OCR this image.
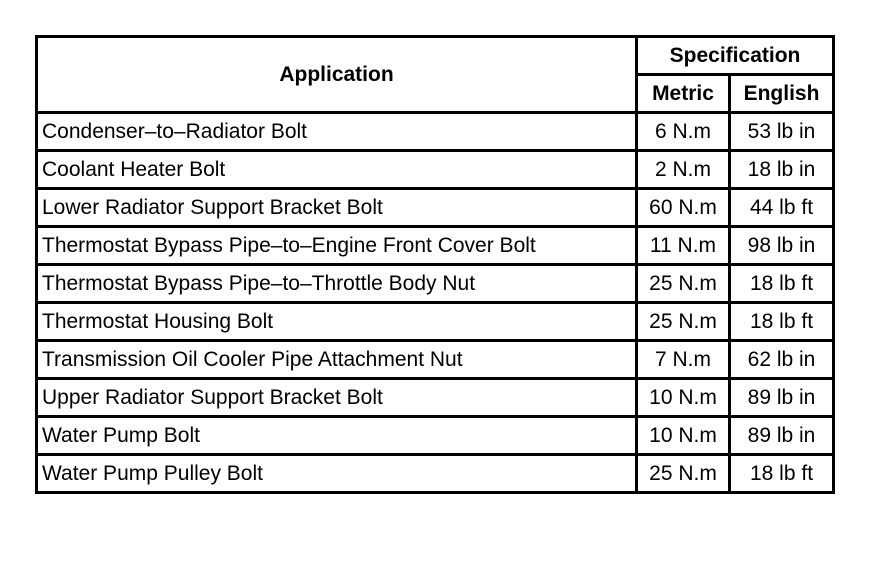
Application	Specification	
	Metric	English
Condenser–to–Radiator Bolt	6 N.m	53 lb in
Coolant Heater Bolt	2 N.m	18 lb in
Lower Radiator Support Bracket Bolt	60 N.m	44 lb ft
Thermostat Bypass Pipe–to–Engine Front Cover Bolt	11 N.m	98 lb in
Thermostat Bypass Pipe–to–Throttle Body Nut	25 N.m	18 lb ft
Thermostat Housing Bolt	25 N.m	18 lb ft
Transmission Oil Cooler Pipe Attachment Nut	7 N.m	62 lb in
Upper Radiator Support Bracket Bolt	10 N.m	89 lb in
Water Pump Bolt	10 N.m	89 lb in
Water Pump Pulley Bolt	25 N.m	18 lb ft
